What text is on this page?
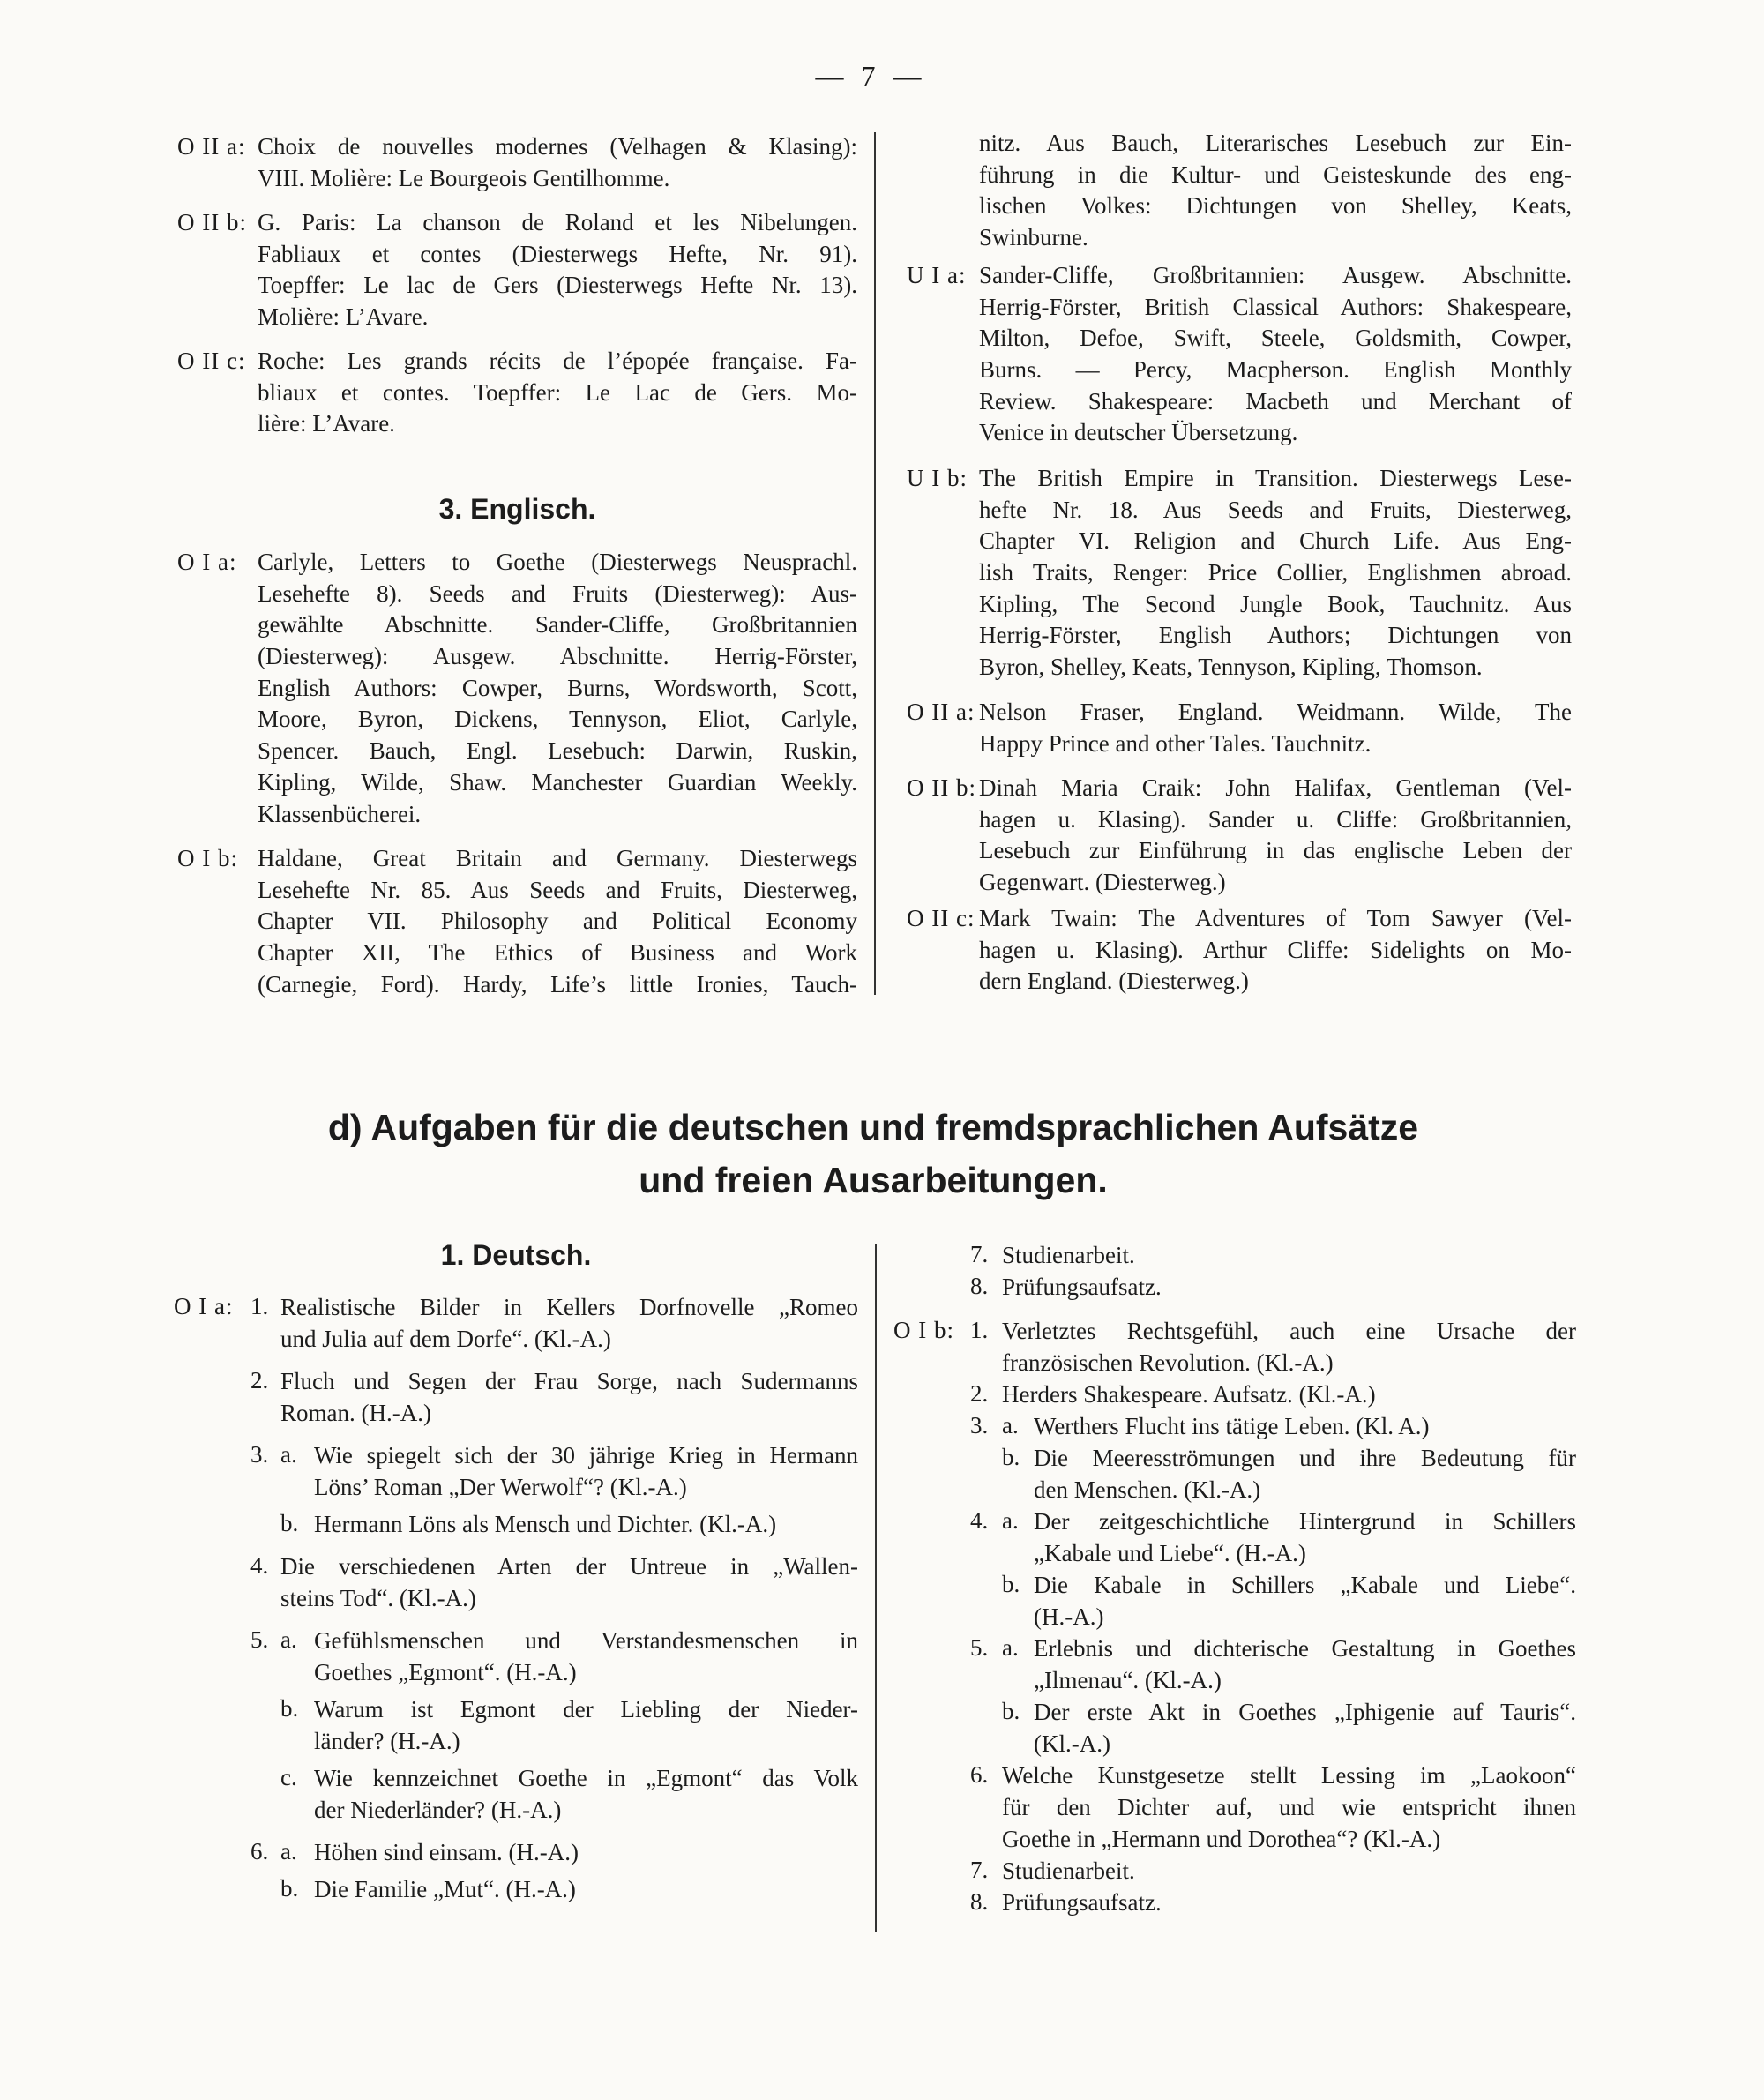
— 7 —
O II a: Choix de nouvelles modernes (Velhagen & Klasing):
VIII. Molière: Le Bourgeois Gentilhomme.
O II b: G. Paris: La chanson de Roland et les Nibelungen.
Fabliaux et contes (Diesterwegs Hefte, Nr. 91).
Toepffer: Le lac de Gers (Diesterwegs Hefte Nr. 13).
Molière: L’Avare.
O II c: Roche: Les grands récits de l’épopée française. Fa-
bliaux et contes. Toepffer: Le Lac de Gers. Mo-
lière: L’Avare.
3. Englisch.
O I a: Carlyle, Letters to Goethe (Diesterwegs Neusprachl.
Lesehefte 8). Seeds and Fruits (Diesterweg): Aus-
gewählte Abschnitte. Sander-Cliffe, Großbritannien
(Diesterweg): Ausgew. Abschnitte. Herrig-Förster,
English Authors: Cowper, Burns, Wordsworth, Scott,
Moore, Byron, Dickens, Tennyson, Eliot, Carlyle,
Spencer. Bauch, Engl. Lesebuch: Darwin, Ruskin,
Kipling, Wilde, Shaw. Manchester Guardian Weekly.
Klassenbücherei.
O I b: Haldane, Great Britain and Germany. Diesterwegs
Lesehefte Nr. 85. Aus Seeds and Fruits, Diesterweg,
Chapter VII. Philosophy and Political Economy
Chapter XII, The Ethics of Business and Work
(Carnegie, Ford). Hardy, Life’s little Ironies, Tauch-
nitz. Aus Bauch, Literarisches Lesebuch zur Ein-
führung in die Kultur- und Geisteskunde des eng-
lischen Volkes: Dichtungen von Shelley, Keats,
Swinburne.
U I a: Sander-Cliffe, Großbritannien: Ausgew. Abschnitte.
Herrig-Förster, British Classical Authors: Shakespeare,
Milton, Defoe, Swift, Steele, Goldsmith, Cowper,
Burns. — Percy, Macpherson. English Monthly
Review. Shakespeare: Macbeth und Merchant of
Venice in deutscher Übersetzung.
U I b: The British Empire in Transition. Diesterwegs Lese-
hefte Nr. 18. Aus Seeds and Fruits, Diesterweg,
Chapter VI. Religion and Church Life. Aus Eng-
lish Traits, Renger: Price Collier, Englishmen abroad.
Kipling, The Second Jungle Book, Tauchnitz. Aus
Herrig-Förster, English Authors; Dichtungen von
Byron, Shelley, Keats, Tennyson, Kipling, Thomson.
O II a: Nelson Fraser, England. Weidmann. Wilde, The
Happy Prince and other Tales. Tauchnitz.
O II b: Dinah Maria Craik: John Halifax, Gentleman (Vel-
hagen u. Klasing). Sander u. Cliffe: Großbritannien,
Lesebuch zur Einführung in das englische Leben der
Gegenwart. (Diesterweg.)
O II c: Mark Twain: The Adventures of Tom Sawyer (Vel-
hagen u. Klasing). Arthur Cliffe: Sidelights on Mo-
dern England. (Diesterweg.)
d) Aufgaben für die deutschen und fremdsprachlichen Aufsätze
und freien Ausarbeitungen.
1. Deutsch.
O I a: 1. Realistische Bilder in Kellers Dorfnovelle „Romeo
und Julia auf dem Dorfe“. (Kl.-A.)
2. Fluch und Segen der Frau Sorge, nach Sudermanns
Roman. (H.-A.)
3. a. Wie spiegelt sich der 30 jährige Krieg in Hermann
Löns’ Roman „Der Werwolf“? (Kl.-A.)
b. Hermann Löns als Mensch und Dichter. (Kl.-A.)
4. Die verschiedenen Arten der Untreue in „Wallen-
steins Tod“. (Kl.-A.)
5. a. Gefühlsmenschen und Verstandesmenschen in
Goethes „Egmont“. (H.-A.)
b. Warum ist Egmont der Liebling der Nieder-
länder? (H.-A.)
c. Wie kennzeichnet Goethe in „Egmont“ das Volk
der Niederländer? (H.-A.)
6. a. Höhen sind einsam. (H.-A.)
b. Die Familie „Mut“. (H.-A.)
7. Studienarbeit.
8. Prüfungsaufsatz.
O I b: 1. Verletztes Rechtsgefühl, auch eine Ursache der
französischen Revolution. (Kl.-A.)
2. Herders Shakespeare. Aufsatz. (Kl.-A.)
3. a. Werthers Flucht ins tätige Leben. (Kl. A.)
b. Die Meeresströmungen und ihre Bedeutung für
den Menschen. (Kl.-A.)
4. a. Der zeitgeschichtliche Hintergrund in Schillers
„Kabale und Liebe“. (H.-A.)
b. Die Kabale in Schillers „Kabale und Liebe“.
(H.-A.)
5. a. Erlebnis und dichterische Gestaltung in Goethes
„Ilmenau“. (Kl.-A.)
b. Der erste Akt in Goethes „Iphigenie auf Tauris“.
(Kl.-A.)
6. Welche Kunstgesetze stellt Lessing im „Laokoon“
für den Dichter auf, und wie entspricht ihnen
Goethe in „Hermann und Dorothea“? (Kl.-A.)
7. Studienarbeit.
8. Prüfungsaufsatz.
